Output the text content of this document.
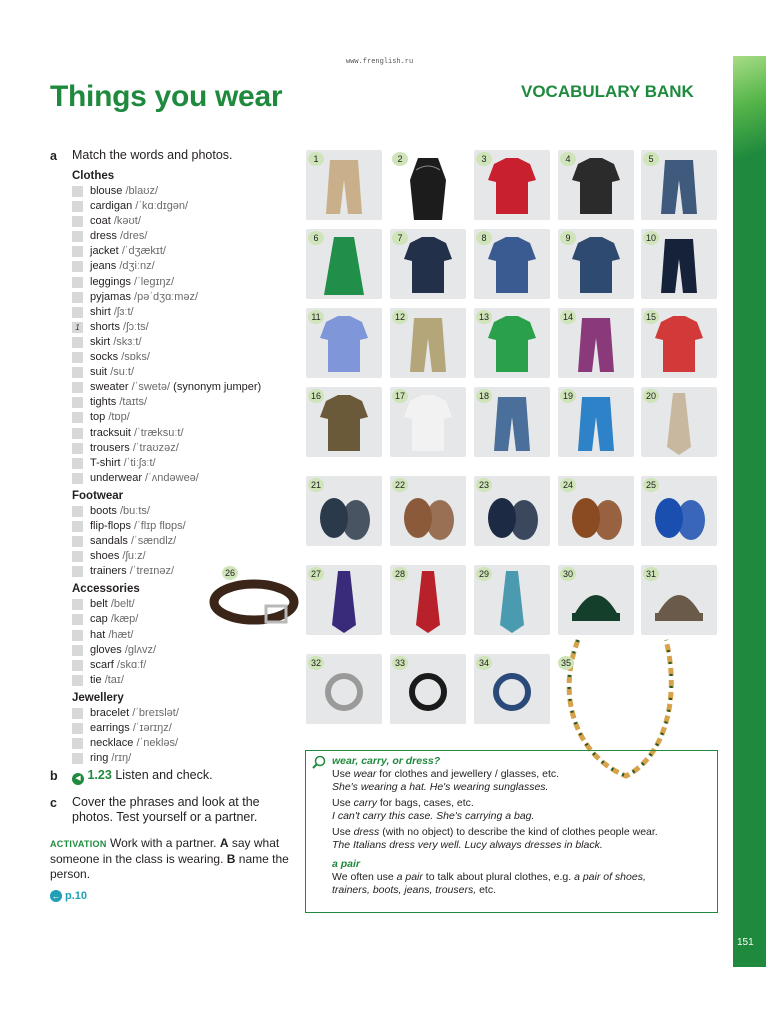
www.frenglish.ru
Things you wear	VOCABULARY BANK
151
a Match the words and photos.
Clothes
blouse /blaʊz/
cardigan /ˈkɑːdɪɡən/
coat /kəʊt/
dress /dres/
jacket /ˈdʒækɪt/
jeans /dʒiːnz/
leggings /ˈleɡɪŋz/
pyjamas /pəˈdʒɑːməz/
shirt /ʃɜːt/
1 shorts /ʃɔːts/
skirt /skɜːt/
socks /sɒks/
suit /suːt/
sweater /ˈswetə/ (synonym jumper)
tights /taɪts/
top /tɒp/
tracksuit /ˈtræksuːt/
trousers /ˈtraʊzəz/
T-shirt /ˈtiːʃɜːt/
underwear /ˈʌndəweə/
Footwear
boots /buːts/
flip-flops /ˈflɪp flɒps/
sandals /ˈsændlz/
shoes /ʃuːz/
trainers /ˈtreɪnəz/
Accessories
belt /belt/
cap /kæp/
hat /hæt/
gloves /ɡlʌvz/
scarf /skɑːf/
tie /taɪ/
Jewellery
bracelet /ˈbreɪslət/
earrings /ˈɪərɪŋz/
necklace /ˈnekləs/
ring /rɪŋ/
1	2	3	4	5
6	7	8	9	10
11	12	13	14	15
16	17	18	19	20
21	22	23	24	25
27	28	29	30	31
32	33	34
26
wear, carry, or dress?

Use wear for clothes and jewellery / glasses, etc.
She's wearing a hat. He's wearing sunglasses.

Use carry for bags, cases, etc.
I can't carry this case. She's carrying a bag.

Use dress (with no object) to describe the kind of clothes people wear.
The Italians dress very well. Lucy always dresses in black.

a pair

We often use a pair to talk about plural clothes, e.g. a pair of shoes,
trainers, boots, jeans, trousers, etc.

b	◀ 1.23 Listen and check.
c Cover the phrases and look at the
photos. Test yourself or a partner.
ACTIVATION Work with a partner. A say what someone in the class is wearing. B name the person.
← p.10
35
